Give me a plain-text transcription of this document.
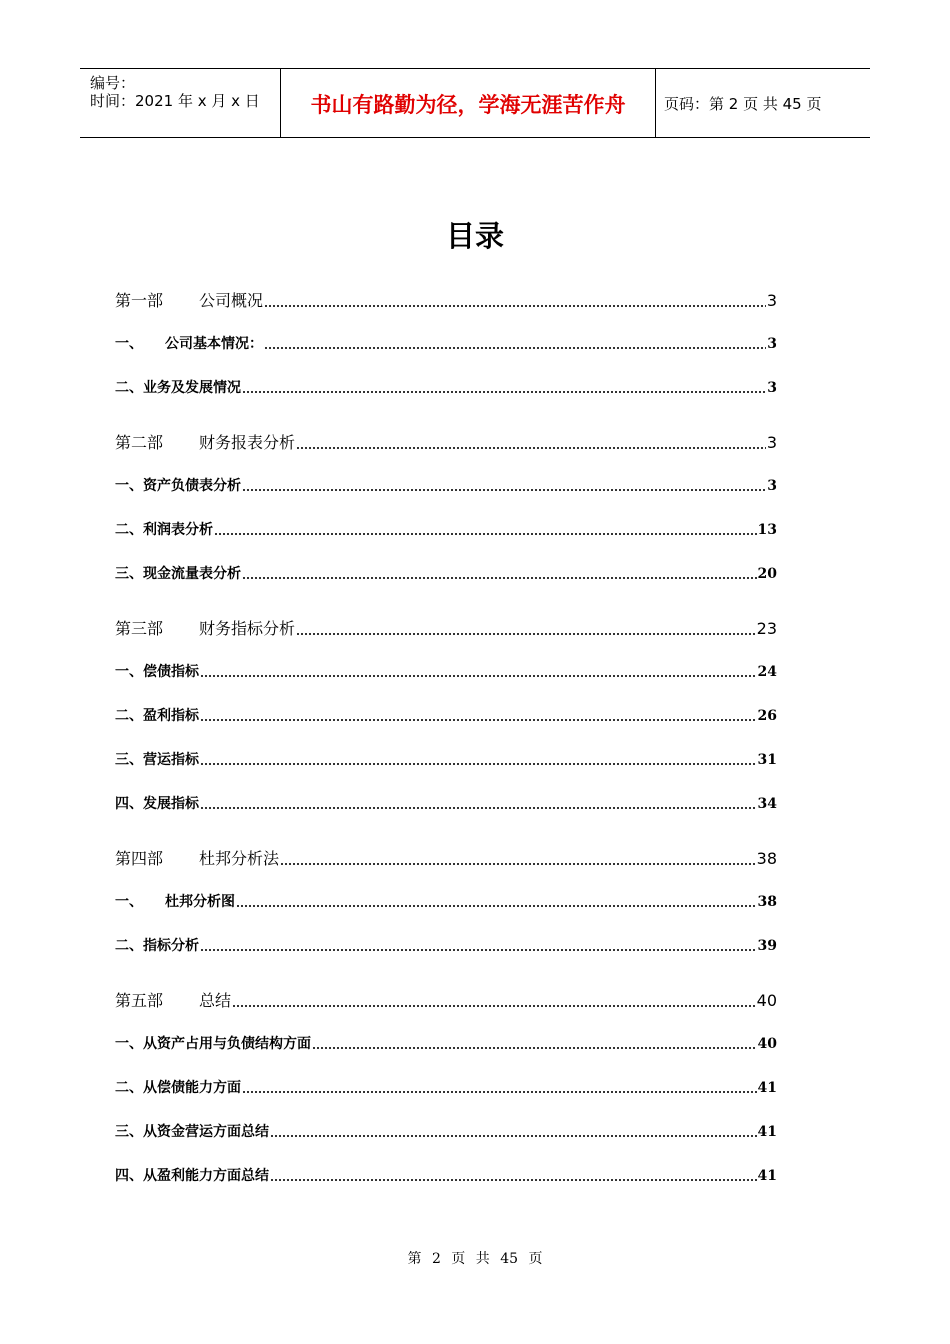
编号：
时间：2021 年 x 月 x 日	书山有路勤为径，学海无涯苦作舟	页码：第 2 页 共 45 页
目录
第一部	公司概况	3
一、	公司基本情况：	3
二、业务及发展情况	3
第二部	财务报表分析	3
一、资产负债表分析	3
二、利润表分析	13
三、现金流量表分析	20
第三部	财务指标分析	23
一、偿债指标	24
二、盈利指标	26
三、营运指标	31
四、发展指标	34
第四部	杜邦分析法	38
一、	杜邦分析图	38
二、指标分析	39
第五部	总结	40
一、从资产占用与负债结构方面	40
二、从偿债能力方面	41
三、从资金营运方面总结	41
四、从盈利能力方面总结	41
第 2 页 共 45 页
